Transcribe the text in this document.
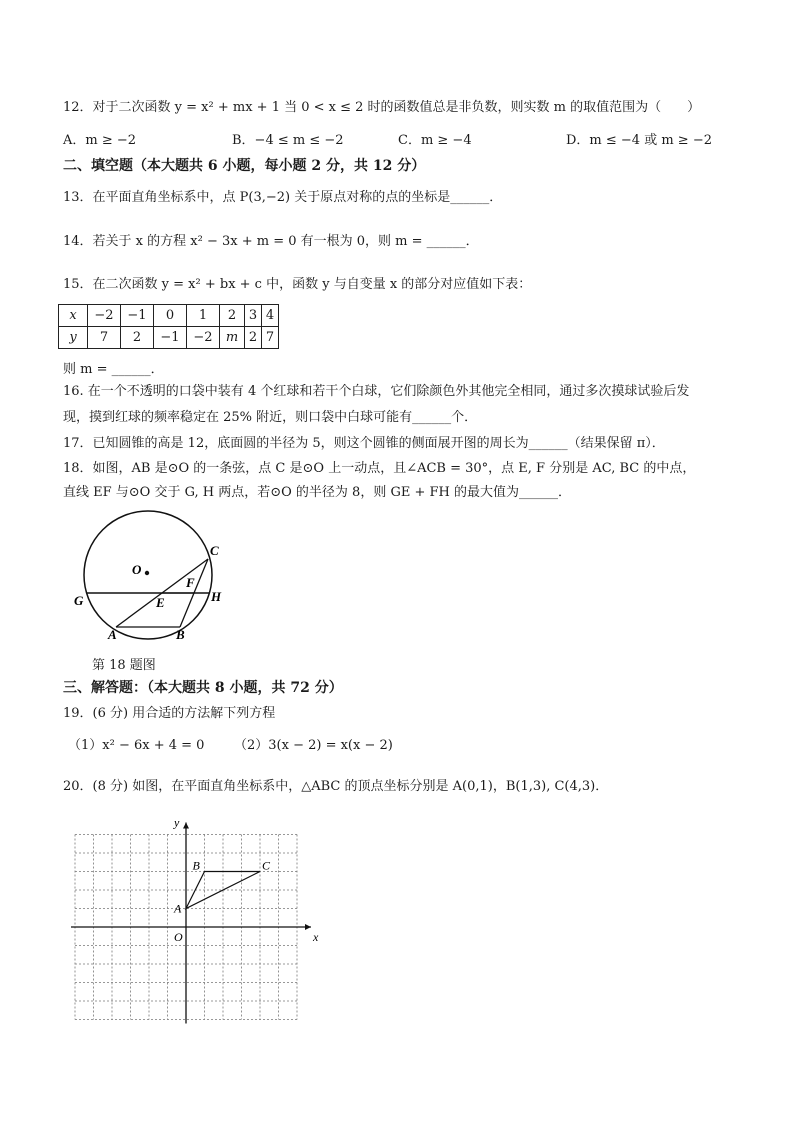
12．对于二次函数 y = x² + mx + 1 当 0 < x ≤ 2 时的函数值总是非负数，则实数 m 的取值范围为（　　）
A．m ≥ −2	B．−4 ≤ m ≤ −2	C．m ≥ −4	D．m ≤ −4 或 m ≥ −2
二、填空题（本大题共 6 小题，每小题 2 分，共 12 分）
13．在平面直角坐标系中，点 P(3,−2) 关于原点对称的点的坐标是______．
14．若关于 x 的方程 x² − 3x + m = 0 有一根为 0，则 m = ______．
15．在二次函数 y = x² + bx + c 中，函数 y 与自变量 x 的部分对应值如下表：
x	−2	−1	0	1	2	3	4
y	7	2	−1	−2	m	2	7
则 m = ______．
16. 在一个不透明的口袋中装有 4 个红球和若干个白球，它们除颜色外其他完全相同，通过多次摸球试验后发
现，摸到红球的频率稳定在 25% 附近，则口袋中白球可能有______个．
17．已知圆锥的高是 12，底面圆的半径为 5，则这个圆锥的侧面展开图的周长为______（结果保留 π）．
18．如图，AB 是⊙O 的一条弦，点 C 是⊙O 上一动点，且∠ACB = 30°，点 E, F 分别是 AC, BC 的中点，
直线 EF 与⊙O 交于 G, H 两点，若⊙O 的半径为 8，则 GE + FH 的最大值为______．
O
C
F
G	E	H
A	B
第 18 题图
三、解答题：（本大题共 8 小题，共 72 分）
19．(6 分) 用合适的方法解下列方程
（1）x² − 6x + 4 = 0 （2）3(x − 2) = x(x − 2)
20．(8 分) 如图，在平面直角坐标系中，△ABC 的顶点坐标分别是 A(0,1)，B(1,3), C(4,3)．
x
y
O
A
B	C
